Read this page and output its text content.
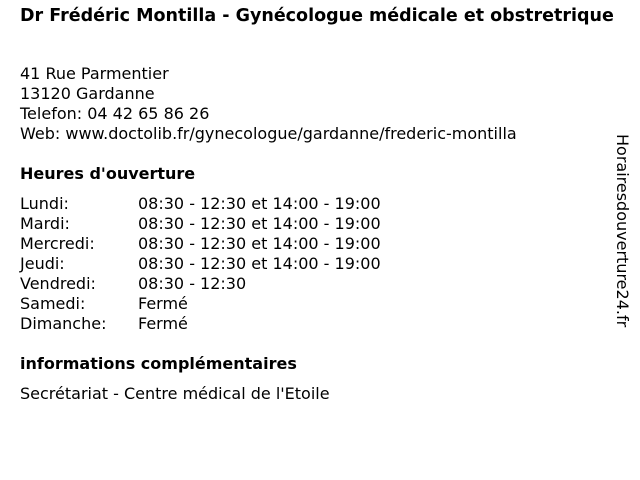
Dr Frédéric Montilla - Gynécologue médicale et obstretrique
41 Rue Parmentier
13120 Gardanne
Telefon: 04 42 65 86 26
Web: www.doctolib.fr/gynecologue/gardanne/frederic-montilla
Heures d'ouverture
Lundi:	08:30 - 12:30 et 14:00 - 19:00
Mardi:	08:30 - 12:30 et 14:00 - 19:00
Mercredi:	08:30 - 12:30 et 14:00 - 19:00
Jeudi:	08:30 - 12:30 et 14:00 - 19:00
Vendredi:	08:30 - 12:30
Samedi:	Fermé
Dimanche:	Fermé
informations complémentaires
Secrétariat - Centre médical de l'Etoile
Horairesdouverture24.fr
